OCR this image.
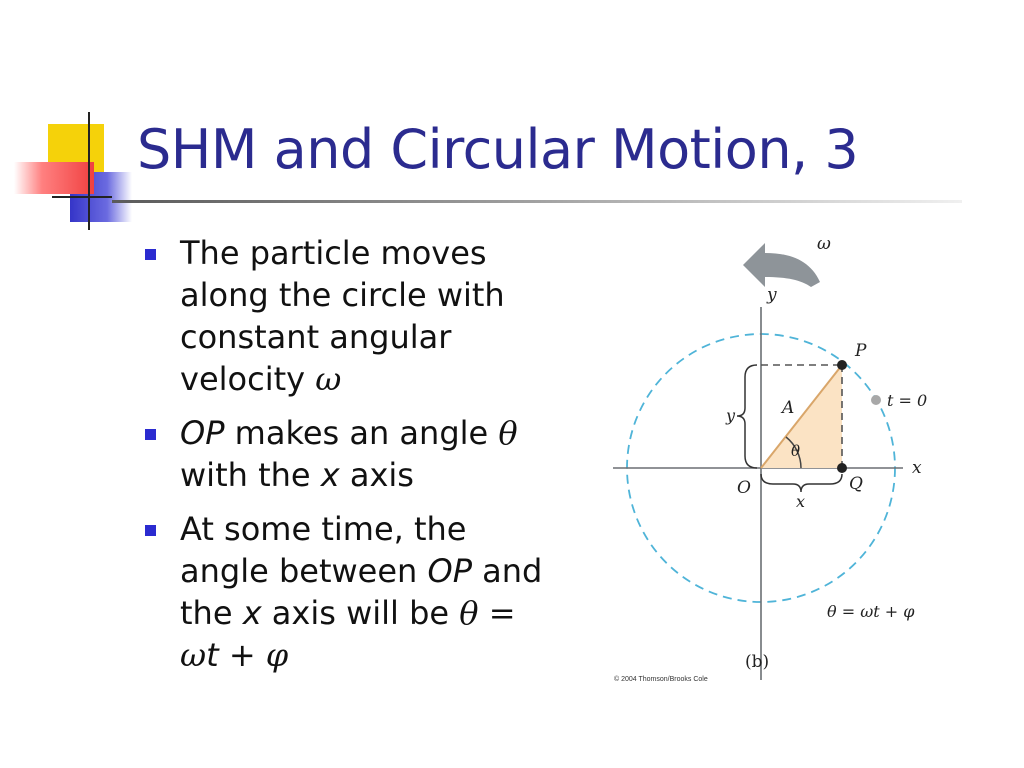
SHM and Circular Motion, 3
The particle moves along the circle with constant angular velocity ω
OP makes an angle θ with the x axis
At some time, the angle between OP and the x axis will be θ = ωt + φ
ω
y
x
θ
A
P
Q
t = 0
O
y
x
θ = ωt + φ
(b)
© 2004 Thomson/Brooks Cole
